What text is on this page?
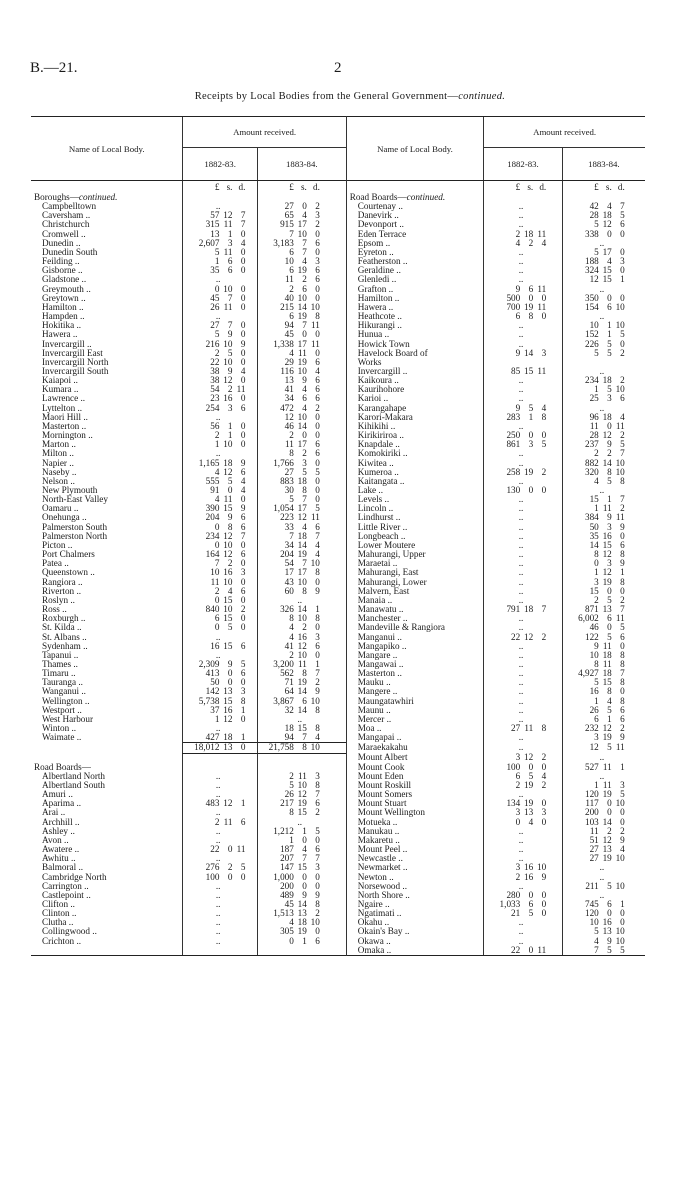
B.—21.	2
Receipts by Local Bodies from the General Government—continued.
Name of Local Body.		Amount received.		Name of Local Body.		Amount received.	
		1882-83.	1883-84.			1882-83.	1883-84.
		£ s. d.	£ s. d.			£ s. d.	£ s. d.
Boroughs—continued.				Road Boards—continued.			
Campbelltown		..	27 0 2	Courtenay ..		..	42 4 7
Caversham ..		57 12 7	65 4 3	Danevirk ..		..	28 18 5
Christchurch		315 11 7	915 17 2	Devonport ..		..	5 12 6
Cromwell ..		13 1 0	7 10 0	Eden Terrace		2 18 11	338 0 0
Dunedin ..		2,607 3 4	3,183 7 6	Epsom ..		4 2 4	..
Dunedin South		5 11 0	6 7 0	Eyreton ..		..	5 17 0
Feilding ..		1 6 0	10 4 3	Featherston ..		..	188 4 3
Gisborne ..		35 6 0	6 19 6	Geraldine ..		..	324 15 0
Gladstone ..		..	11 2 6	Glenledi ..		..	12 15 1
Greymouth ..		0 10 0	2 6 0	Grafton ..		9 6 11	..
Greytown ..		45 7 0	40 10 0	Hamilton ..		500 0 0	350 0 0
Hamilton ..		26 11 0	215 14 10	Hawera ..		700 19 11	154 6 10
Hampden ..		..	6 19 8	Heathcote ..		6 8 0	..
Hokitika ..		27 7 0	94 7 11	Hikurangi ..		..	10 1 10
Hawera ..		5 9 0	45 0 0	Hunua ..		..	152 1 5
Invercargill ..		216 10 9	1,338 17 11	Howick Town		..	226 5 0
Invercargill East		2 5 0	4 11 0	Havelock Board of		9 14 3	5 5 2
Invercargill North		22 10 0	29 19 6	Works			
Invercargill South		38 9 4	116 10 4	Invercargill ..		85 15 11	..
Kaiapoi ..		38 12 0	13 9 6	Kaikoura ..		..	234 18 2
Kumara ..		54 2 11	41 4 6	Kaurihohore		..	1 5 10
Lawrence ..		23 16 0	34 6 6	Karioi ..		..	25 3 6
Lyttelton ..		254 3 6	472 4 2	Karangahape		9 5 4	..
Maori Hill ..		..	12 10 0	Karori-Makara		283 1 8	96 18 4
Masterton ..		56 1 0	46 14 0	Kihikihi ..		..	11 0 11
Mornington ..		2 1 0	2 0 0	Kirikiriroa ..		250 0 0	28 12 2
Marton ..		1 10 0	11 17 6	Knapdale ..		861 3 5	237 9 5
Milton ..		..	8 2 6	Komokiriki ..		..	2 2 7
Napier ..		1,165 18 9	1,766 3 0	Kiwitea ..		..	882 14 10
Naseby ..		4 12 6	27 5 5	Kumeroa ..		258 19 2	320 8 10
Nelson ..		555 5 4	883 18 0	Kaitangata ..		..	4 5 8
New Plymouth		91 0 4	30 8 0	Lake ..		130 0 0	..
North-East Valley		4 11 0	5 7 0	Levels ..		..	15 1 7
Oamaru ..		390 15 9	1,054 17 5	Lincoln ..		..	1 11 2
Onehunga ..		204 9 6	223 12 11	Lindhurst ..		..	384 9 11
Palmerston South		0 8 6	33 4 6	Little River ..		..	50 3 9
Palmerston North		234 12 7	7 18 7	Longbeach ..		..	35 16 0
Picton ..		0 10 0	34 14 4	Lower Moutere		..	14 15 6
Port Chalmers		164 12 6	204 19 4	Mahurangi, Upper		..	8 12 8
Patea ..		7 2 0	54 7 10	Maraetai ..		..	0 3 9
Queenstown ..		10 16 3	17 17 8	Mahurangi, East		..	1 12 1
Rangiora ..		11 10 0	43 10 0	Mahurangi, Lower		..	3 19 8
Riverton ..		2 4 6	60 8 9	Malvern, East		..	15 0 0
Roslyn ..		0 15 0	..	Manaia ..		..	2 5 2
Ross ..		840 10 2	326 14 1	Manawatu ..		791 18 7	871 13 7
Roxburgh ..		6 15 0	8 10 8	Manchester ..		..	6,002 6 11
St. Kilda ..		0 5 0	4 2 0	Mandeville & Rangiora		..	46 0 5
St. Albans ..		..	4 16 3	Manganui ..		22 12 2	122 5 6
Sydenham ..		16 15 6	41 12 6	Mangapiko ..		..	9 11 0
Tapanui ..		..	2 10 0	Mangare ..		..	10 18 8
Thames ..		2,309 9 5	3,200 11 1	Mangawai ..		..	8 11 8
Timaru ..		413 0 6	562 8 7	Masterton ..		..	4,927 18 7
Tauranga ..		50 0 0	71 19 2	Mauku ..		..	5 15 8
Wanganui ..		142 13 3	64 14 9	Mangere ..		..	16 8 0
Wellington ..		5,738 15 8	3,867 6 10	Maungatawhiri		..	1 4 8
Westport ..		37 16 1	32 14 8	Maunu ..		..	26 5 6
West Harbour		1 12 0	..	Mercer ..		..	6 1 6
Winton ..		..	18 15 8	Moa ..		27 11 8	232 12 2
Waimate ..		427 18 1	94 7 4	Mangapai ..		..	3 19 9
		18,012 13 0	21,758 8 10	Maraekakahu		..	12 5 11
				Mount Albert		3 12 2	..
Road Boards—				Mount Cook		100 0 0	527 11 1
Albertland North		..	2 11 3	Mount Eden		6 5 4	..
Albertland South		..	5 10 8	Mount Roskill		2 19 2	1 11 3
Amuri ..		..	26 12 7	Mount Somers		..	120 19 5
Aparima ..		483 12 1	217 19 6	Mount Stuart		134 19 0	117 0 10
Arai ..		..	8 15 2	Mount Wellington		3 13 3	200 0 0
Archhill ..		2 11 6	..	Motueka ..		0 4 0	103 14 0
Ashley ..		..	1,212 1 5	Manukau ..		..	11 2 2
Avon ..		..	1 0 0	Makaretu ..		..	51 12 9
Awatere ..		22 0 11	187 4 6	Mount Peel ..		..	27 13 4
Awhitu ..		..	207 7 7	Newcastle ..		..	27 19 10
Balmoral ..		276 2 5	147 15 3	Newmarket ..		3 16 10	..
Cambridge North		100 0 0	1,000 0 0	Newton ..		2 16 9	..
Carrington ..		..	200 0 0	Norsewood ..		..	211 5 10
Castlepoint ..		..	489 9 9	North Shore ..		280 0 0	..
Clifton ..		..	45 14 8	Ngaire ..		1,033 6 0	745 6 1
Clinton ..		..	1,513 13 2	Ngatimati ..		21 5 0	120 0 0
Clutha ..		..	4 18 10	Okahu ..		..	10 16 0
Collingwood ..		..	305 19 0	Okain's Bay ..		..	5 13 10
Crichton ..		..	0 1 6	Okawa ..		..	4 9 10
				Omaka ..		22 0 11	7 5 5
